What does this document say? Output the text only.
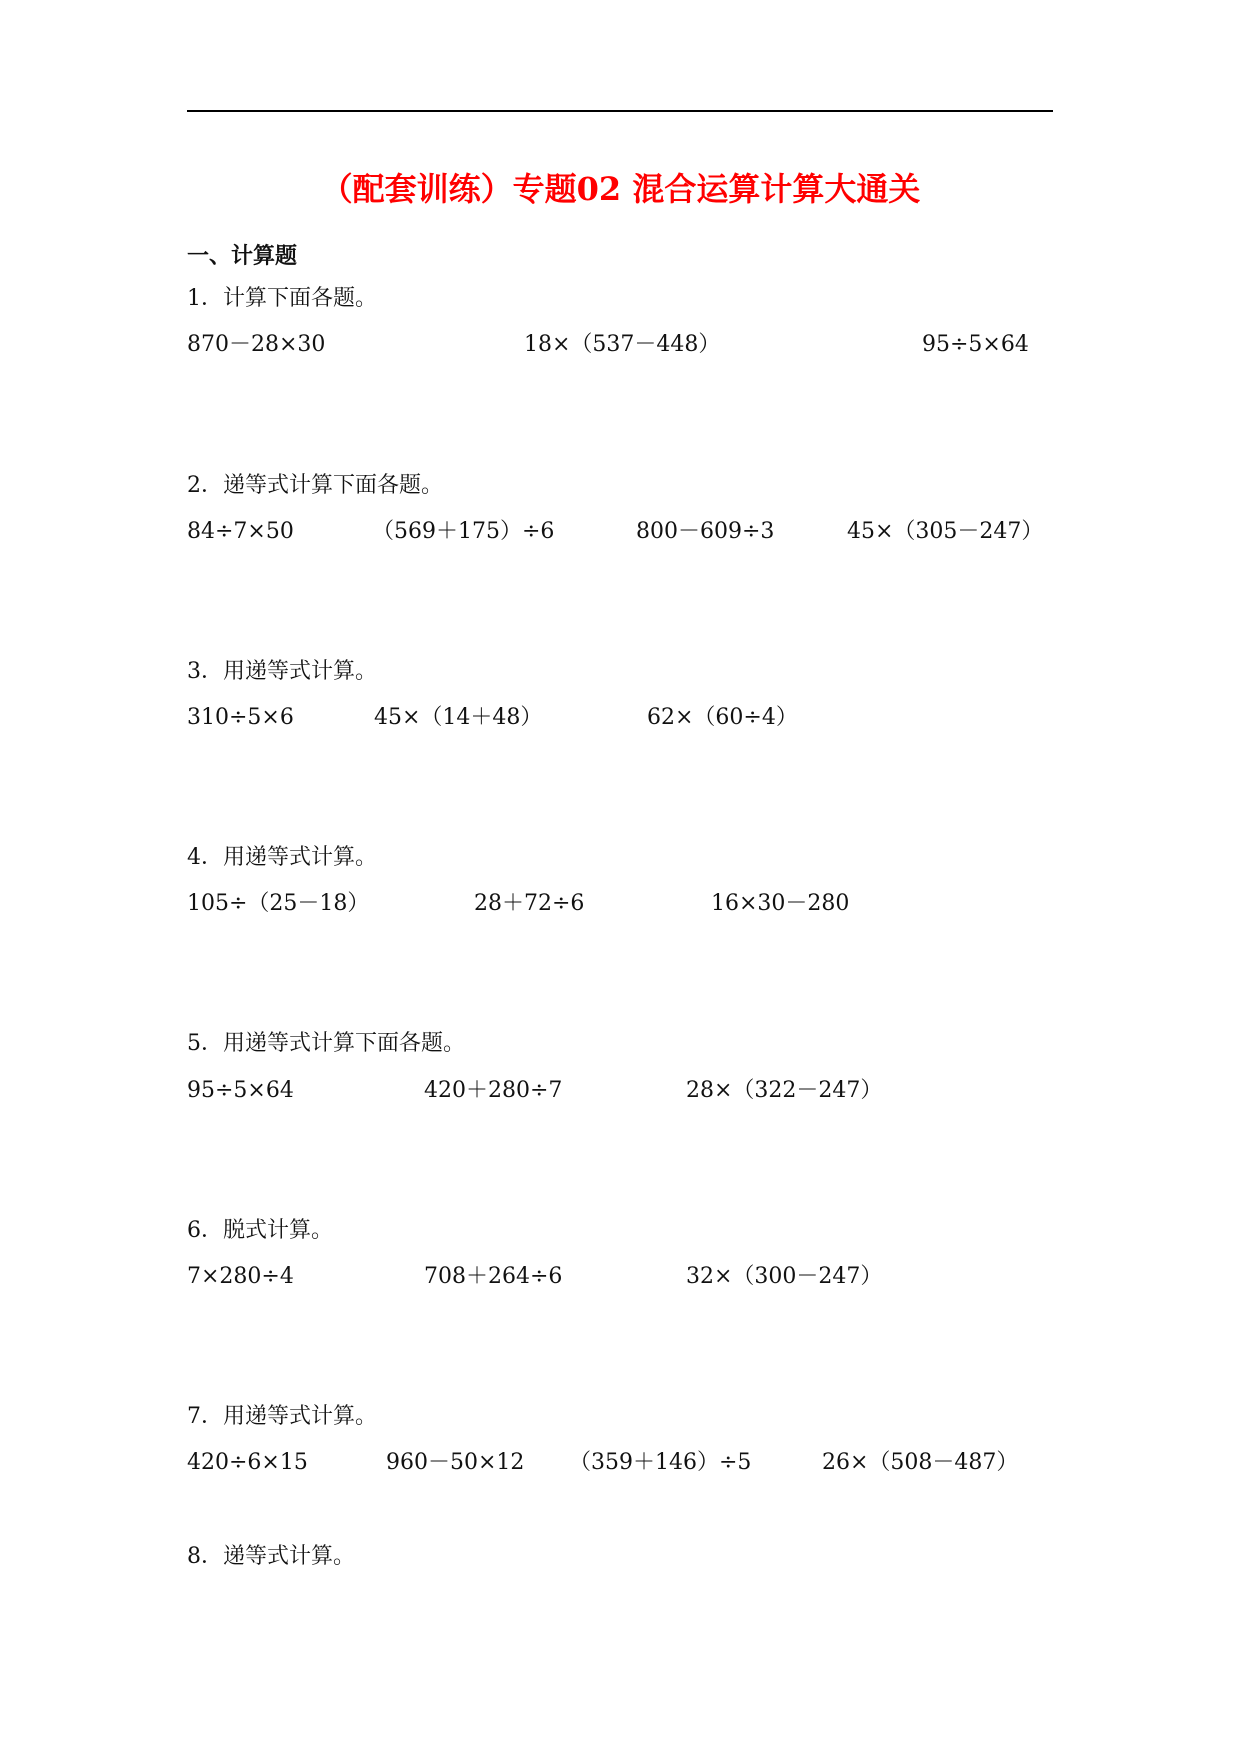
（配套训练）专题02 混合运算计算大通关
一、计算题
1．计算下面各题。
870－28×30	18×（537－448）	95÷5×64
2．递等式计算下面各题。
84÷7×50	（569＋175）÷6	800－609÷3	45×（305－247）
3．用递等式计算。
310÷5×6	45×（14＋48）	62×（60÷4）
4．用递等式计算。
105÷（25－18）	28＋72÷6	16×30－280
5．用递等式计算下面各题。
95÷5×64	420＋280÷7	28×（322－247）
6．脱式计算。
7×280÷4	708＋264÷6	32×（300－247）
7．用递等式计算。
420÷6×15	960－50×12 （359＋146）÷5	26×（508－487）
8．递等式计算。
